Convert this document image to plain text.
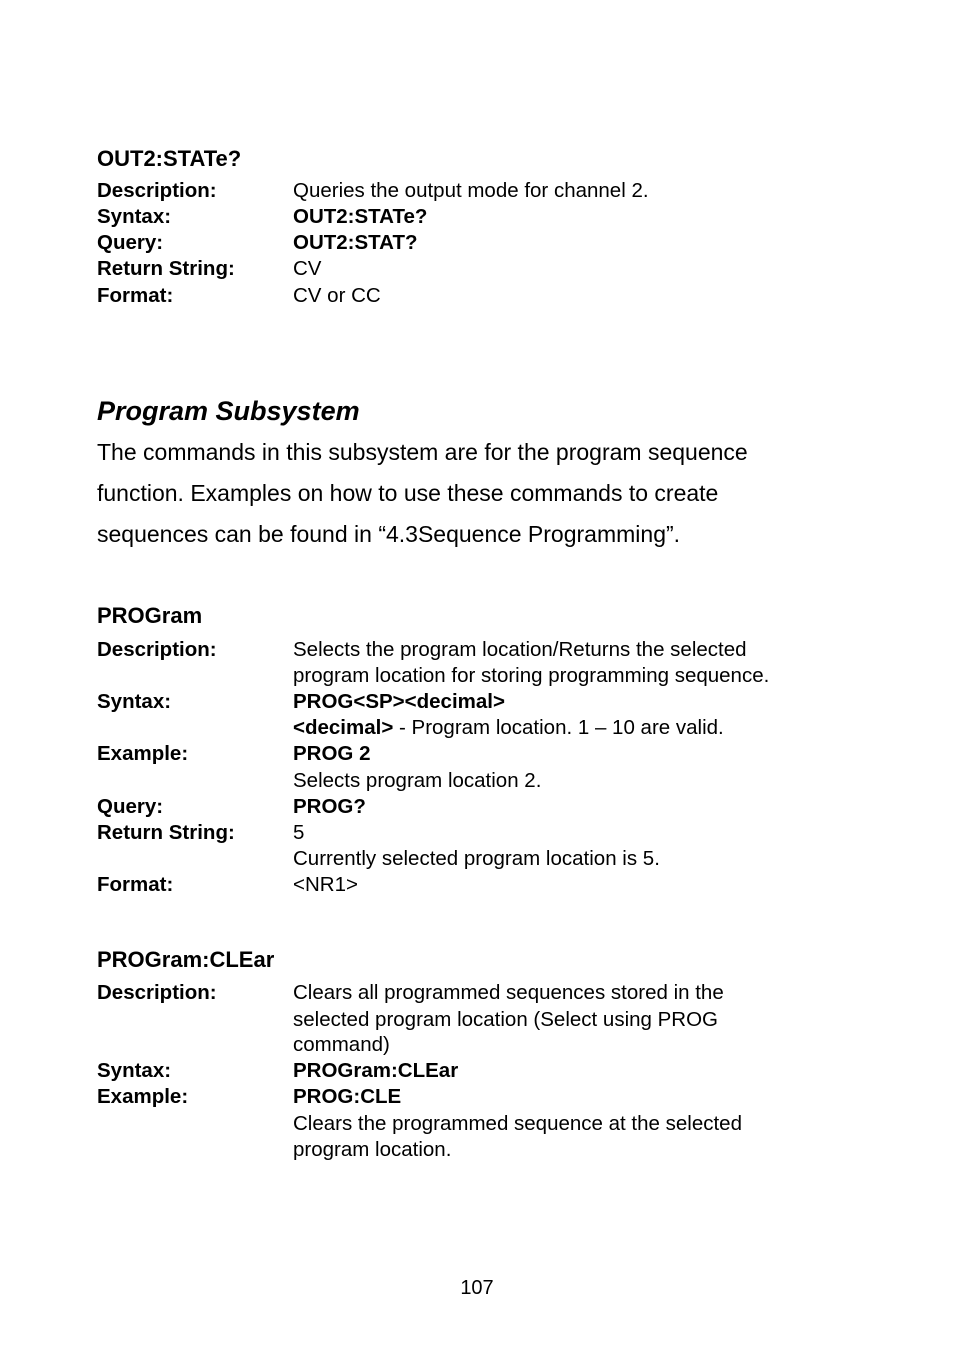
OUT2:STATe?
Description:	Queries the output mode for channel 2.
Syntax:	OUT2:STATe?
Query:	OUT2:STAT?
Return String:	CV
Format:	CV or CC
Program Subsystem
The commands in this subsystem are for the program sequence
function. Examples on how to use these commands to create
sequences can be found in “4.3Sequence Programming”.
PROGram
Description:	Selects the program location/Returns the selected
program location for storing programming sequence.
Syntax:	PROG<SP><decimal>
<decimal> - Program location. 1 – 10 are valid.
Example:	PROG 2
Selects program location 2.
Query:	PROG?
Return String:	5
Currently selected program location is 5.
Format:	<NR1>
PROGram:CLEar
Description:	Clears all programmed sequences stored in the
selected program location (Select using PROG
command)
Syntax:	PROGram:CLEar
Example:	PROG:CLE
Clears the programmed sequence at the selected
program location.
107
